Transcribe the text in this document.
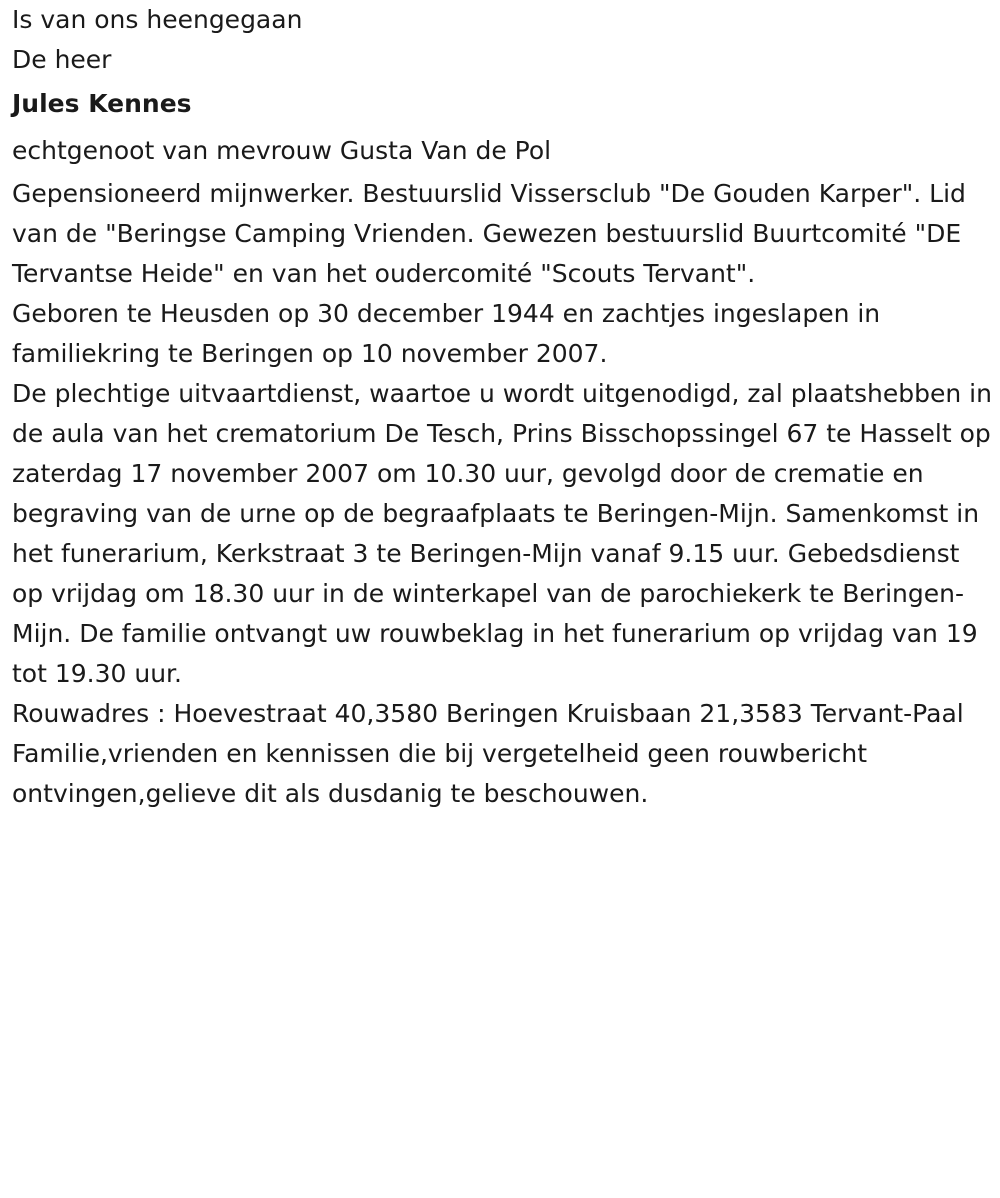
Is van ons heengegaan

De heer

Jules Kennes

echtgenoot van mevrouw Gusta Van de Pol

Gepensioneerd mijnwerker. Bestuurslid Vissersclub "De Gouden Karper". Lid van de "Beringse Camping Vrienden. Gewezen bestuurslid Buurtcomité "DE Tervantse Heide" en van het oudercomité "Scouts Tervant".

Geboren te Heusden op 30 december 1944 en zachtjes ingeslapen in familiekring te Beringen op 10 november 2007.

De plechtige uitvaartdienst, waartoe u wordt uitgenodigd, zal plaatshebben in de aula van het crematorium De Tesch, Prins Bisschopssingel 67 te Hasselt op zaterdag 17 november 2007 om 10.30 uur, gevolgd door de crematie en begraving van de urne op de begraafplaats te Beringen-Mijn. Samenkomst in het funerarium, Kerkstraat 3 te Beringen-Mijn vanaf 9.15 uur. Gebedsdienst op vrijdag om 18.30 uur in de winterkapel van de parochiekerk te Beringen-Mijn. De familie ontvangt uw rouwbeklag in het funerarium op vrijdag van 19 tot 19.30 uur.

Rouwadres : Hoevestraat 40,3580 Beringen Kruisbaan 21,3583 Tervant-Paal

Familie,vrienden en kennissen die bij vergetelheid geen rouwbericht ontvingen,gelieve dit als dusdanig te beschouwen.
